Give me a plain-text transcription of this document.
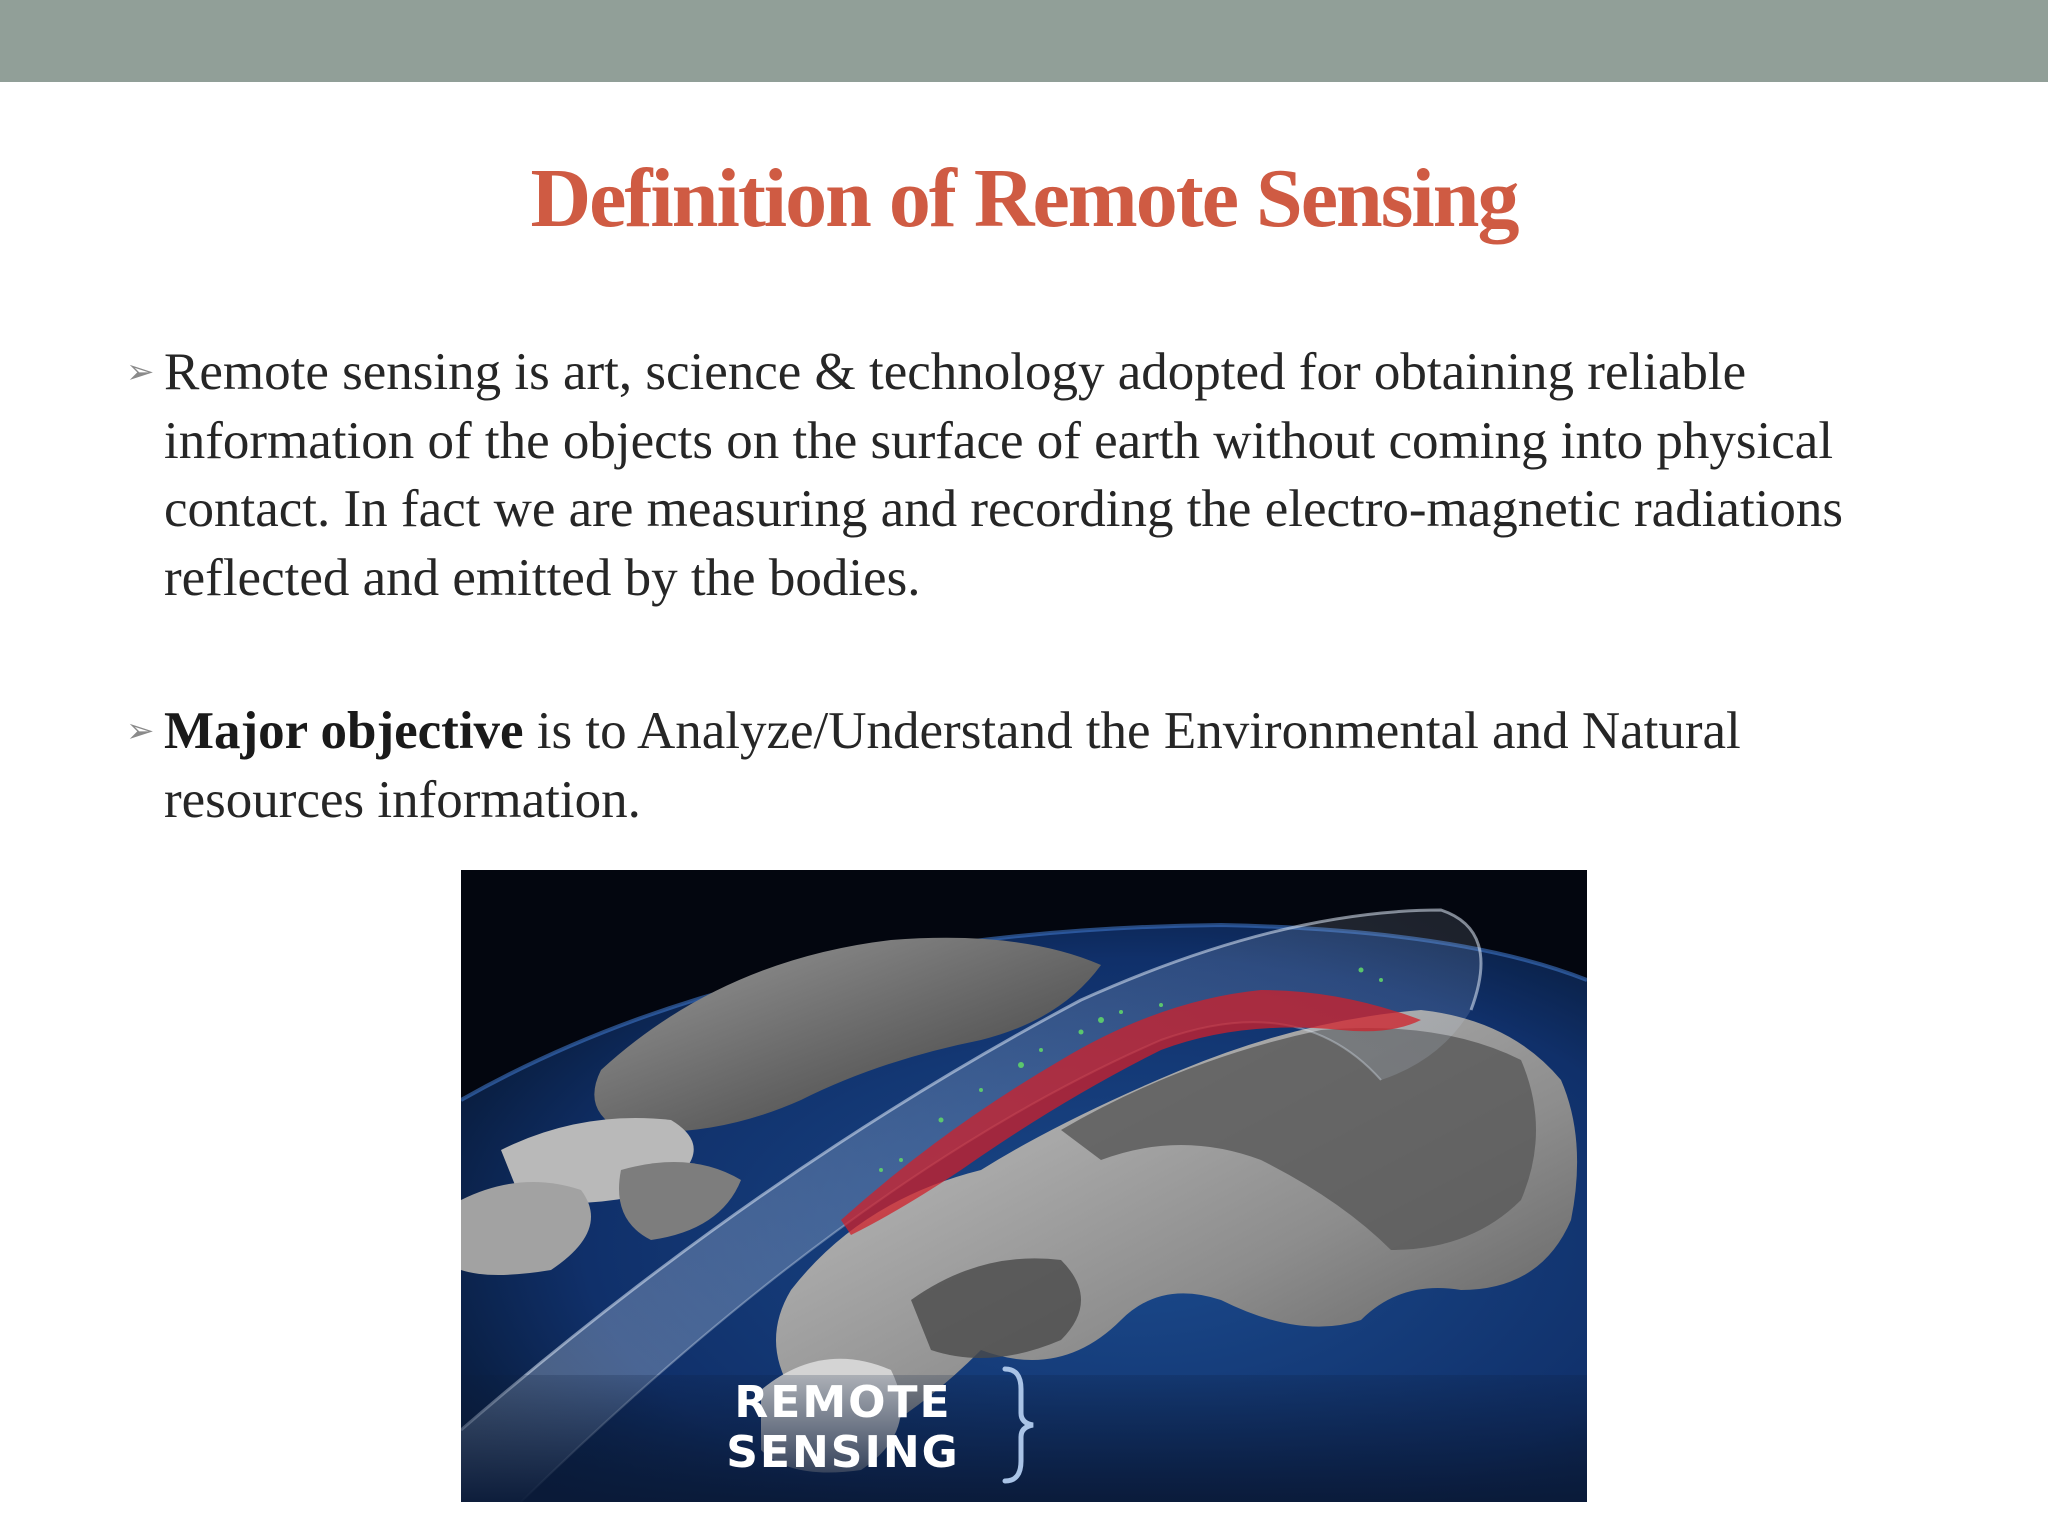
Definition of Remote Sensing
➢ Remote sensing is art, science & technology adopted for obtaining reliable information of the objects on the surface of earth without coming into physical contact. In fact we are measuring and recording the electro-magnetic radiations reflected and emitted by the bodies.
➢ Major objective is to Analyze/Understand the Environmental and Natural resources information.
REMOTE
SENSING
